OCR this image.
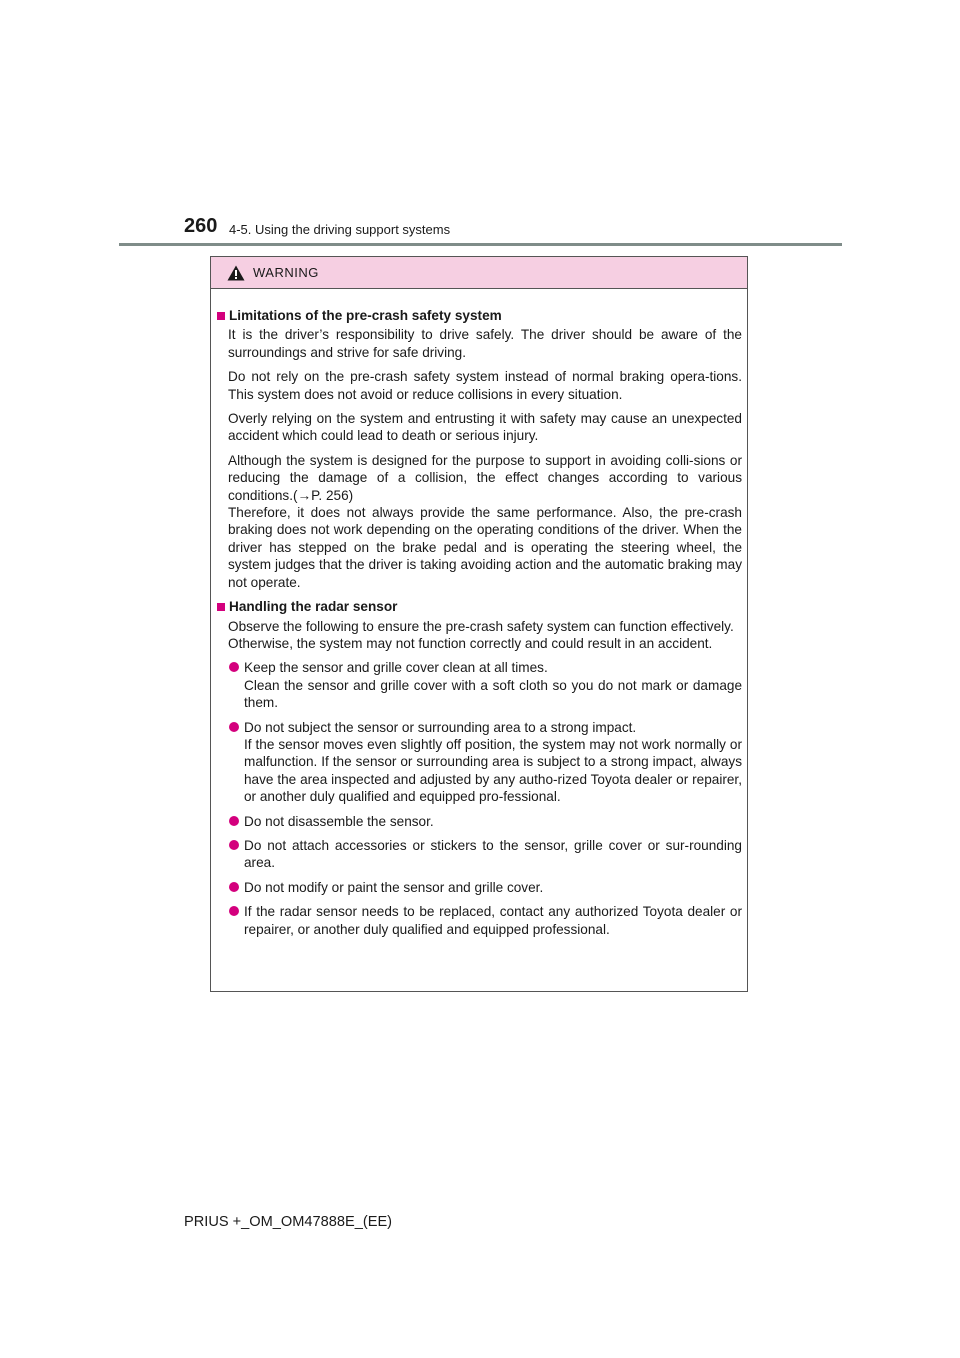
260 4-5. Using the driving support systems
WARNING
Limitations of the pre-crash safety system
It is the driver’s responsibility to drive safely. The driver should be aware of the surroundings and strive for safe driving.
Do not rely on the pre-crash safety system instead of normal braking opera-tions. This system does not avoid or reduce collisions in every situation.
Overly relying on the system and entrusting it with safety may cause an unexpected accident which could lead to death or serious injury.
Although the system is designed for the purpose to support in avoiding colli-sions or reducing the damage of a collision, the effect changes according to various conditions.(→P. 256)
Therefore, it does not always provide the same performance. Also, the pre-crash braking does not work depending on the operating conditions of the driver. When the driver has stepped on the brake pedal and is operating the steering wheel, the system judges that the driver is taking avoiding action and the automatic braking may not operate.
Handling the radar sensor
Observe the following to ensure the pre-crash safety system can function effectively.
Otherwise, the system may not function correctly and could result in an accident.
Keep the sensor and grille cover clean at all times.
Clean the sensor and grille cover with a soft cloth so you do not mark or damage them.
Do not subject the sensor or surrounding area to a strong impact.
If the sensor moves even slightly off position, the system may not work normally or malfunction. If the sensor or surrounding area is subject to a strong impact, always have the area inspected and adjusted by any autho-rized Toyota dealer or repairer, or another duly qualified and equipped pro-fessional.
Do not disassemble the sensor.
Do not attach accessories or stickers to the sensor, grille cover or sur-rounding area.
Do not modify or paint the sensor and grille cover.
If the radar sensor needs to be replaced, contact any authorized Toyota dealer or repairer, or another duly qualified and equipped professional.
PRIUS +_OM_OM47888E_(EE)
